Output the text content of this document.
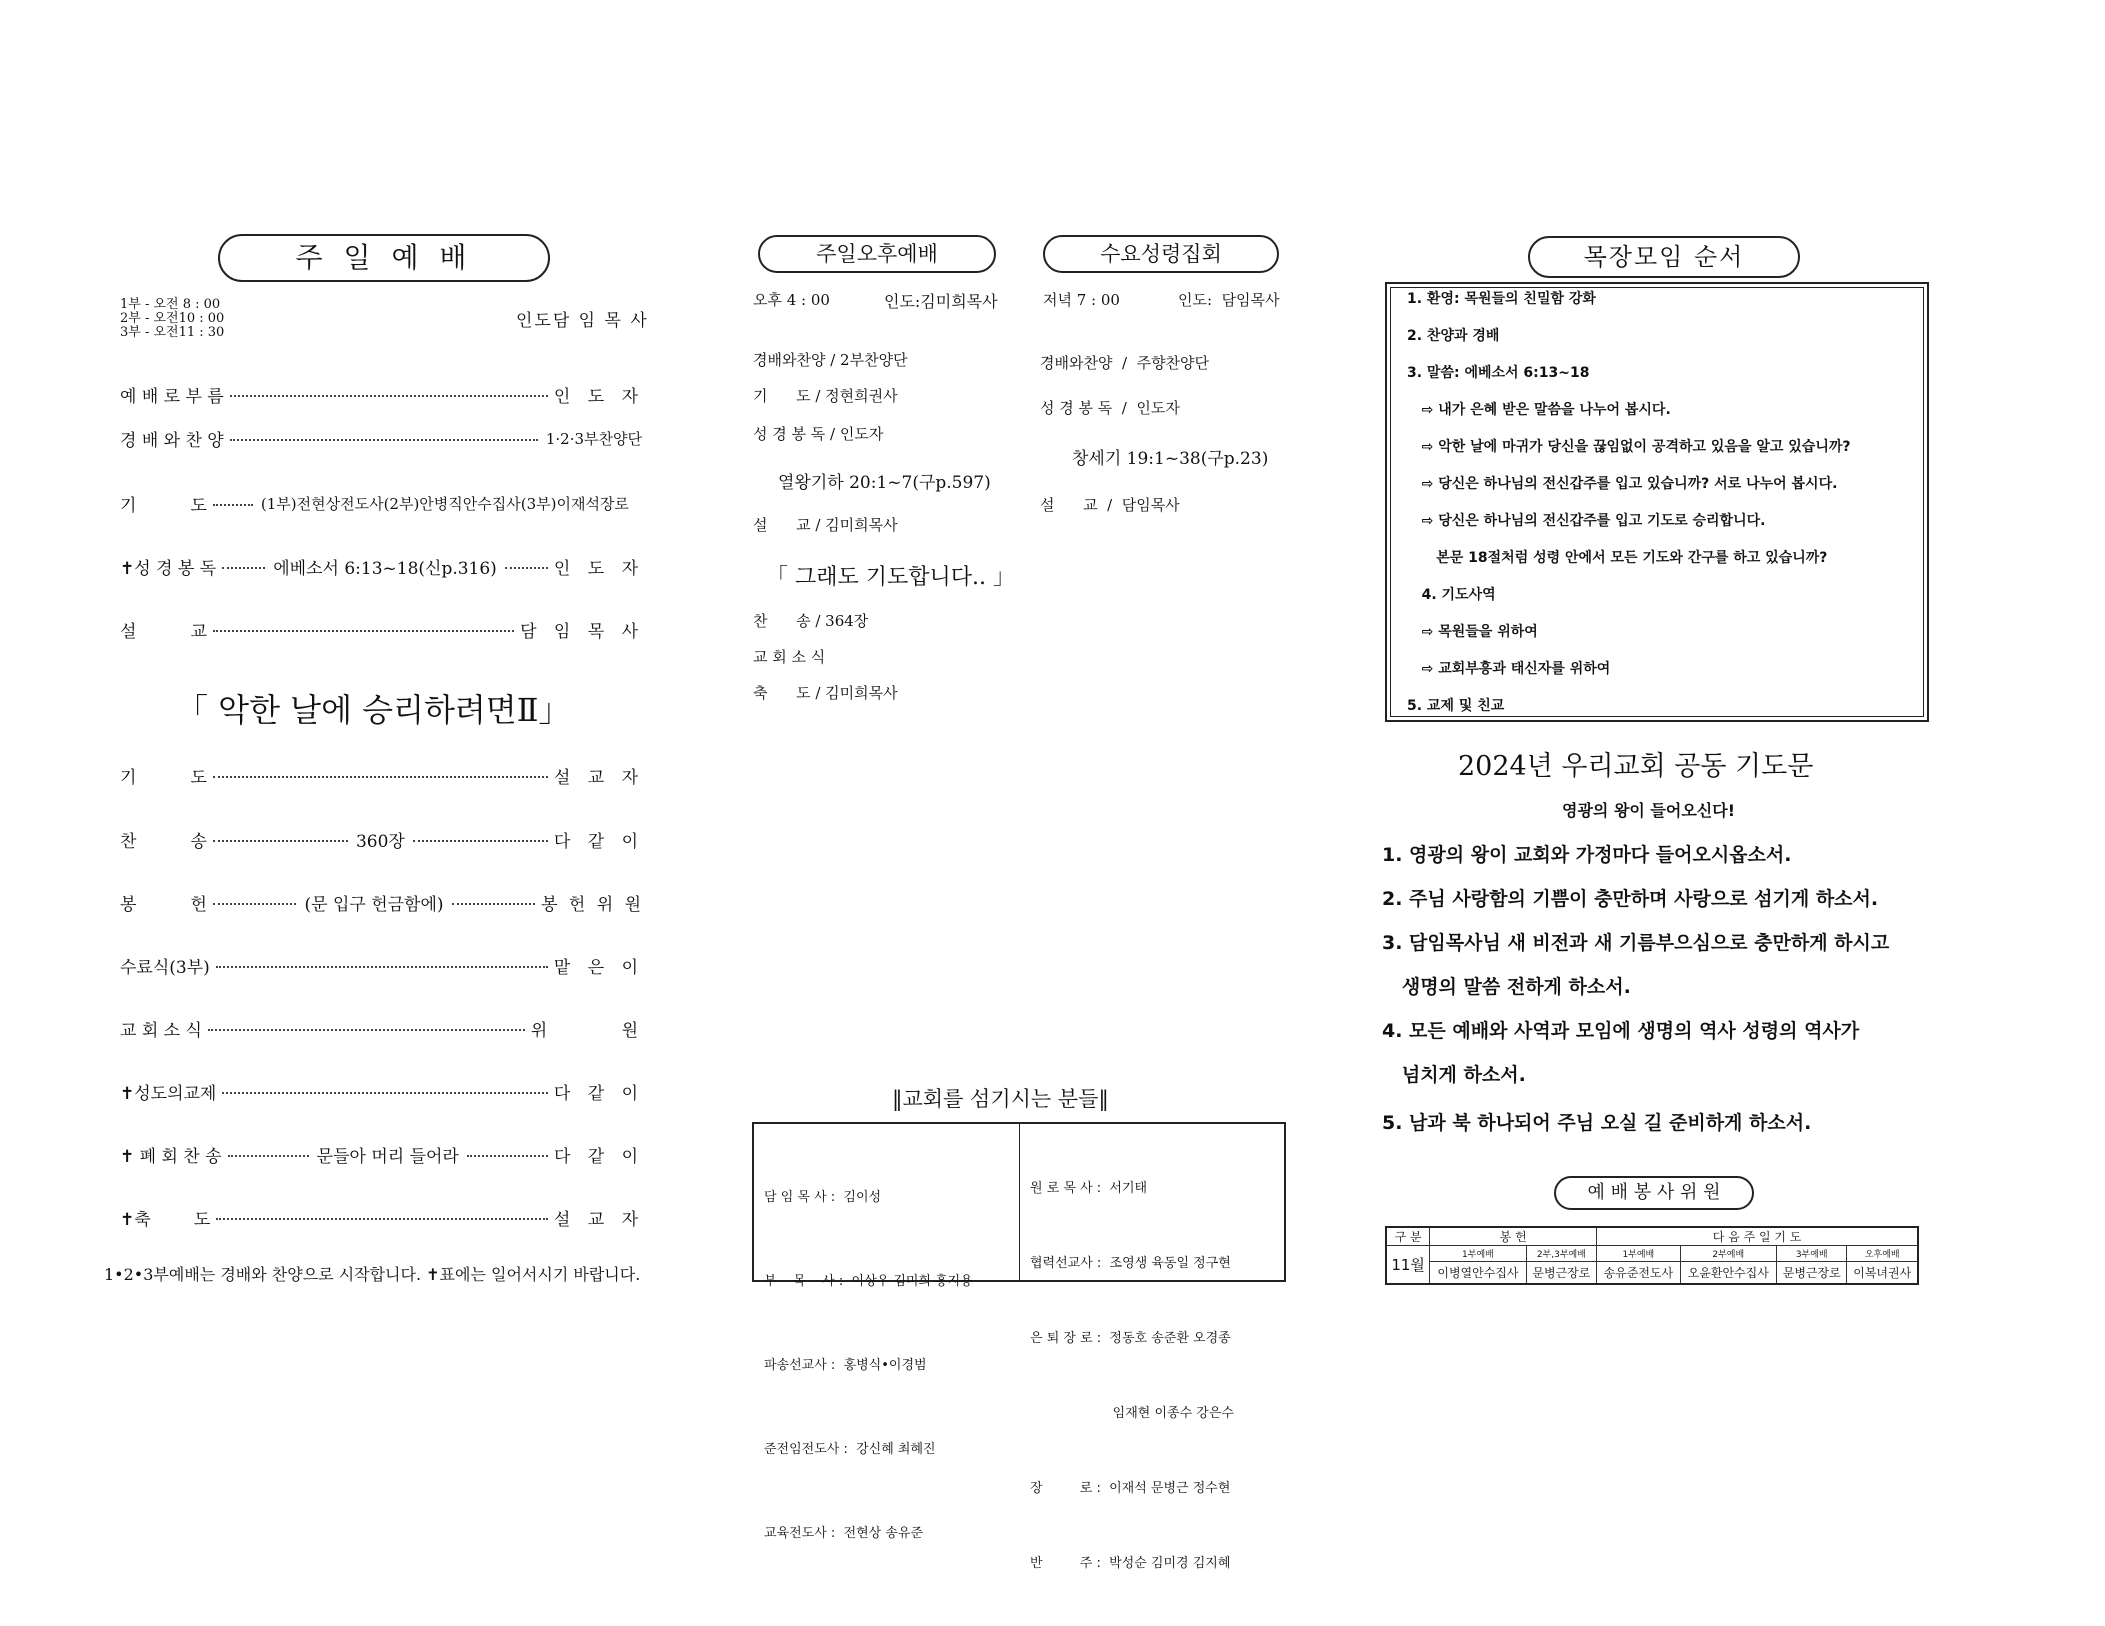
주 일 예 배
1부 - 오전 8 : 00
2부 - 오전10 : 00
3부 - 오전11 : 30
인도담 임 목 사
예 배 로 부 름	인 도 자
경 배 와 찬 양	1·2·3부찬양단
기          도	(1부)전현상전도사(2부)안병직안수집사(3부)이재석장로
✝성 경 봉 독	에베소서 6:13~18(신p.316)	인 도 자
설          교	담 임 목 사
「 악한 날에 승리하려면Ⅱ」
기          도	설 교 자
찬          송	360장	다 같 이
봉          헌	(문 입구 헌금함에)	봉 헌 위 원
수료식(3부)	맡 은 이
교 회 소 식	위      원
✝성도의교제	다 같 이
✝ 폐 회 찬 송	문들아 머리 들어라	다 같 이
✝축        도	설 교 자
1•2•3부예배는 경배와 찬양으로 시작합니다. ✝표에는 일어서시기 바랍니다.
주일오후예배	수요성령집회
오후 4 : 00	인도:김미희목사
경배와찬양 / 2부찬양단
기      도 / 정현희권사
성 경 봉 독 / 인도자
열왕기하 20:1~7(구p.597)
설      교 / 김미희목사
「 그래도 기도합니다.. 」
찬      송 / 364장
교 회 소 식
축      도 / 김미희목사
저녁 7 : 00	인도:  담임목사
경배와찬양  /  주향찬양단
성 경 봉 독  /  인도자
창세기 19:1~38(구p.23)
설      교  /  담임목사
‖교회를 섬기시는 분들‖

담 임 목 사 :  김이성

부    목    사 :  이상우 김미희 홍지용

파송선교사 :  홍병식•이경범

준전임전도사 :  강신혜 최혜진

교육전도사 :  전현상 송유준

원 로 목 사 :  서기태

협력선교사 :  조영생 육동일 정구현

은 퇴 장 로 :  정동호 송준환 오경종

임재현 이종수 강은수

장         로 :  이재석 문병근 정수현

반         주 :  박성순 김미경 김지혜

목장모임 순서
1. 환영: 목원들의 친밀함 강화
2. 찬양과 경배
3. 말씀: 에베소서 6:13~18
⇨ 내가 은혜 받은 말씀을 나누어 봅시다.
⇨ 악한 날에 마귀가 당신을 끊임없이 공격하고 있음을 알고 있습니까?
⇨ 당신은 하나님의 전신갑주를 입고 있습니까? 서로 나누어 봅시다.
⇨ 당신은 하나님의 전신갑주를 입고 기도로 승리합니다.
본문 18절처럼 성령 안에서 모든 기도와 간구를 하고 있습니까?
4. 기도사역
⇨ 목원들을 위하여
⇨ 교회부흥과 태신자를 위하여
5. 교제 및 친교
2024년 우리교회 공동 기도문
영광의 왕이 들어오신다!
1. 영광의 왕이 교회와 가정마다 들어오시옵소서.
2. 주님 사랑함의 기쁨이 충만하며 사랑으로 섬기게 하소서.
3. 담임목사님 새 비전과 새 기름부으심으로 충만하게 하시고
생명의 말씀 전하게 하소서.
4. 모든 예배와 사역과 모임에 생명의 역사 성령의 역사가
넘치게 하소서.
5. 남과 북 하나되어 주님 오실 길 준비하게 하소서.
예 배 봉 사 위 원
구 분	봉 헌		다 음 주 일 기 도			
11월	1부예배	2부,3부예배	1부예배	2부예배	3부예배	오후예배
	이병열안수집사	문병근장로	송유준전도사	오윤환안수집사	문병근장로	이복녀권사
